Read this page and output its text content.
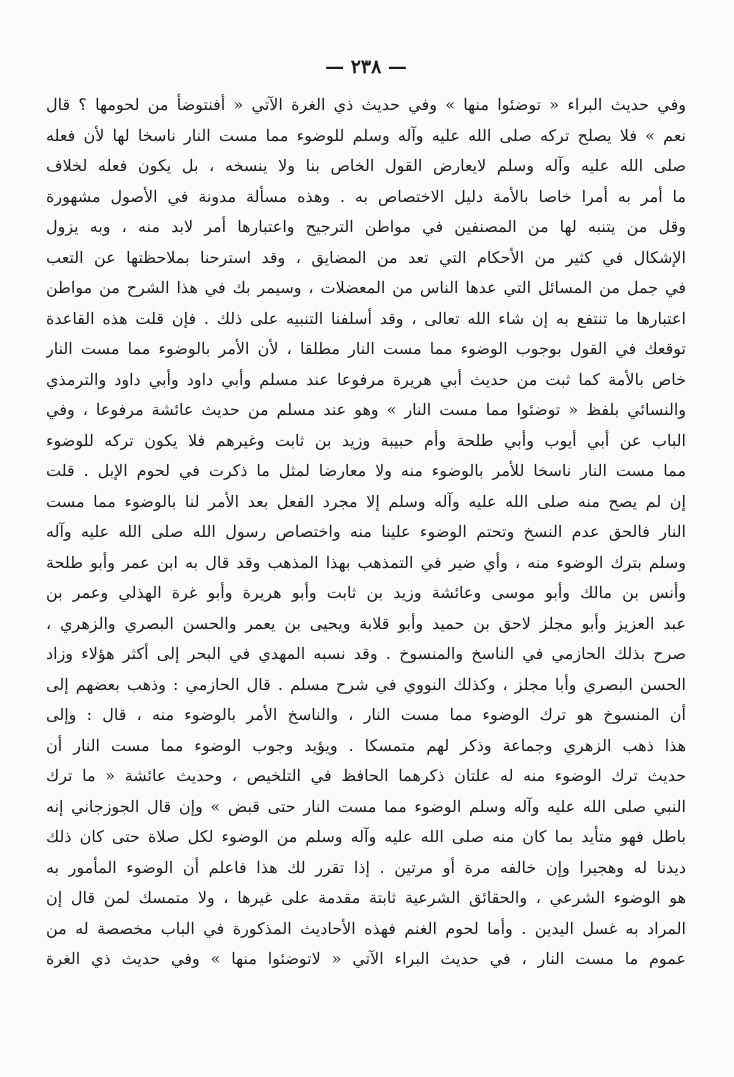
— ٢٣٨ —
وفي حديث البراء « توضئوا منها » وفي حديث ذي الغرة الآتي « أفنتوضأ من لحومها ؟ قال
نعم » فلا يصلح تركه صلى الله عليه وآله وسلم للوضوء مما مست النار ناسخا لها لأن فعله
صلى الله عليه وآله وسلم لايعارض القول الخاص بنا ولا ينسخه ، بل يكون فعله لخلاف
ما أمر به أمرا خاصا بالأمة دليل الاختصاص به . وهذه مسألة مدونة في الأصول مشهورة
وقل من يتنبه لها من المصنفين في مواطن الترجيح واعتبارها أمر لابد منه ، وبه يزول
الإشكال في كثير من الأحكام التي تعد من المضايق ، وقد استرحنا بملاحظتها عن التعب
في جمل من المسائل التي عدها الناس من المعضلات ، وسيمر بك في هذا الشرح من مواطن
اعتبارها ما تنتفع به إن شاء الله تعالى ، وقد أسلفنا التنبيه على ذلك . فإن قلت هذه القاعدة
توقعك في القول بوجوب الوضوء مما مست النار مطلقا ، لأن الأمر بالوضوء مما مست النار
خاص بالأمة كما ثبت من حديث أبي هريرة مرفوعا عند مسلم وأبي داود وأبي داود والترمذي
والنسائي بلفظ « توضئوا مما مست النار » وهو عند مسلم من حديث عائشة مرفوعا ، وفي
الباب عن أبي أيوب وأبي طلحة وأم حبيبة وزيد بن ثابت وغيرهم فلا يكون تركه للوضوء
مما مست النار ناسخا للأمر بالوضوء منه ولا معارضا لمثل ما ذكرت في لحوم الإبل . قلت
إن لم يصح منه صلى الله عليه وآله وسلم إلا مجرد الفعل بعد الأمر لنا بالوضوء مما مست
النار فالحق عدم النسخ وتحتم الوضوء علينا منه واختصاص رسول الله صلى الله عليه وآله
وسلم بترك الوضوء منه ، وأي ضير في التمذهب بهذا المذهب وقد قال به ابن عمر وأبو طلحة
وأنس بن مالك وأبو موسى وعائشة وزيد بن ثابت وأبو هريرة وأبو غرة الهذلي وعمر بن
عبد العزيز وأبو مجلز لاحق بن حميد وأبو قلابة ويحيى بن يعمر والحسن البصري والزهري ،
صرح بذلك الحازمي في الناسخ والمنسوخ . وقد نسبه المهدي في البحر إلى أكثر هؤلاء وزاد
الحسن البصري وأبا مجلز ، وكذلك النووي في شرح مسلم . قال الحازمي : وذهب بعضهم إلى
أن المنسوخ هو ترك الوضوء مما مست النار ، والناسخ الأمر بالوضوء منه ، قال : وإلى
هذا ذهب الزهري وجماعة وذكر لهم متمسكا . ويؤيد وجوب الوضوء مما مست النار أن
حديث ترك الوضوء منه له علتان ذكرهما الحافظ في التلخيص ، وحديث عائشة « ما ترك
النبي صلى الله عليه وآله وسلم الوضوء مما مست النار حتى قبض » وإن قال الجوزجاني إنه
باطل فهو متأيد بما كان منه صلى الله عليه وآله وسلم من الوضوء لكل صلاة حتى كان ذلك
ديدنا له وهجيرا وإن خالفه مرة أو مرتين . إذا تقرر لك هذا فاعلم أن الوضوء المأمور به
هو الوضوء الشرعي ، والحقائق الشرعية ثابتة مقدمة على غيرها ، ولا متمسك لمن قال إن
المراد به غسل اليدين . وأما لحوم الغنم فهذه الأحاديث المذكورة في الباب مخصصة له من
عموم ما مست النار ، في حديث البراء الآتي « لاتوضئوا منها » وفي حديث ذي الغرة
